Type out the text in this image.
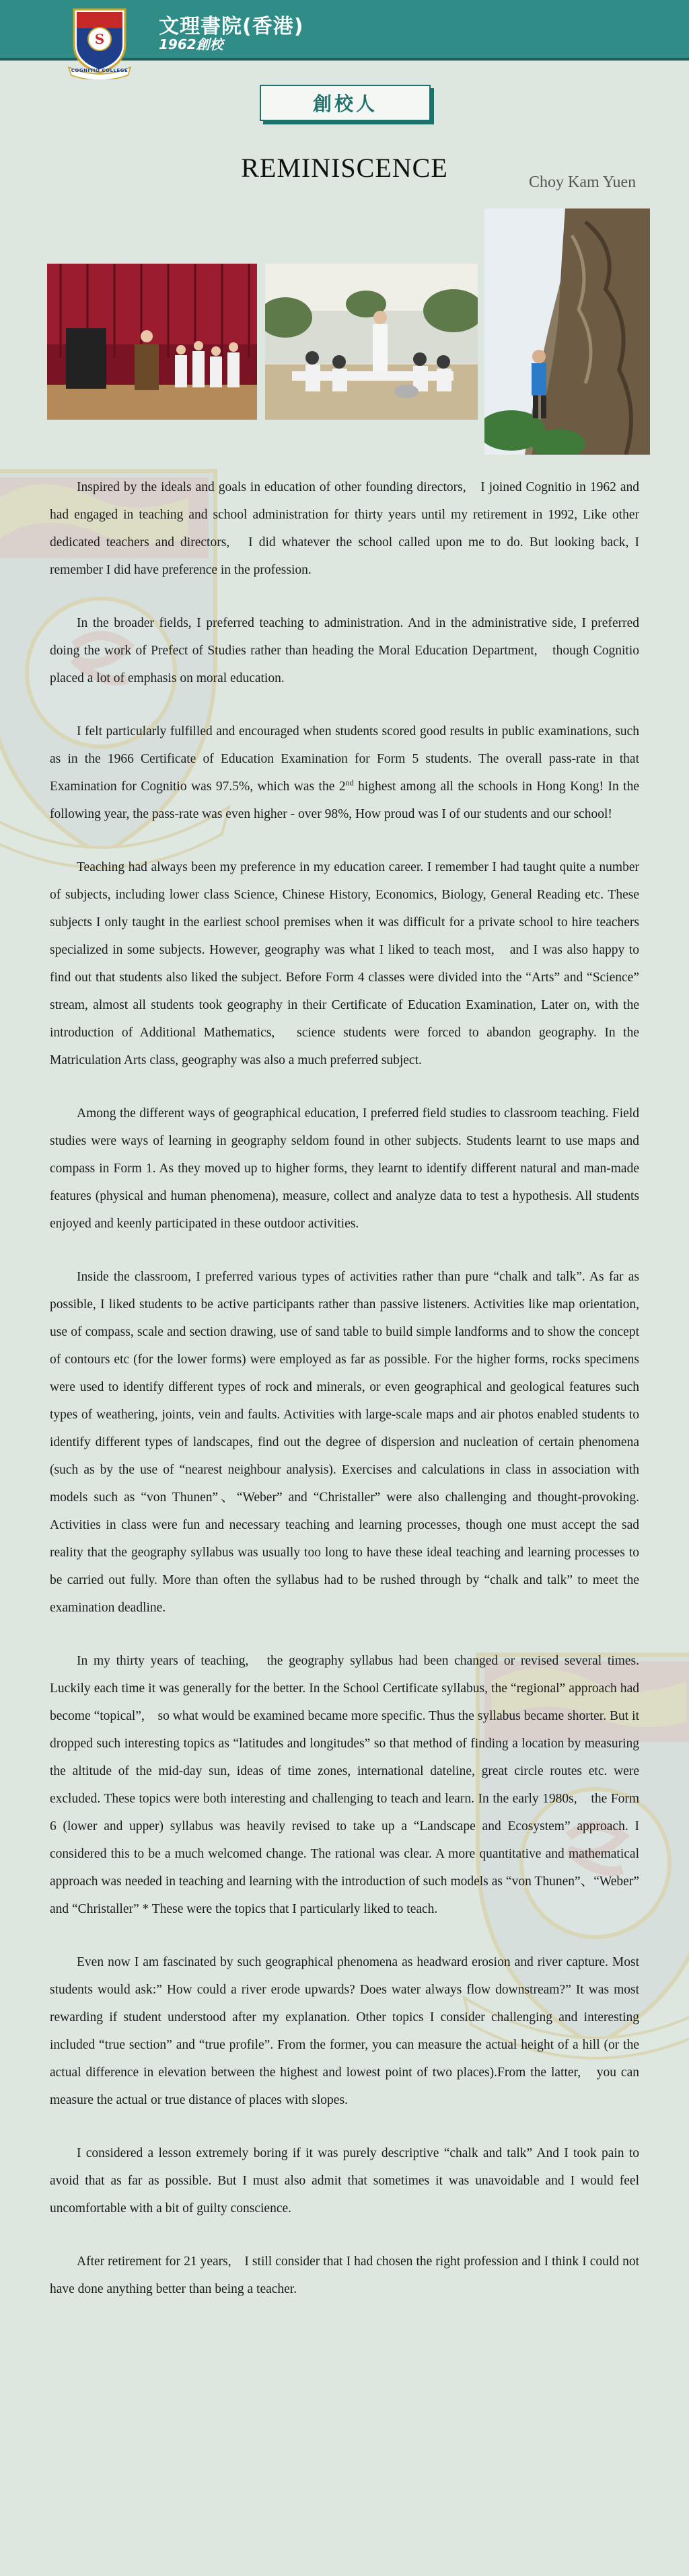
S
COGNITIO COLLEGE
文理書院(香港)
1962創校
創校人
REMINISCENCE	Choy Kam Yuen

Inspired by the ideals and goals in education of other founding directors,　I joined Cognitio in 1962 and had engaged in teaching and school administration for thirty years until my retirement in 1992, Like other dedicated teachers and directors,　I did whatever the school called upon me to do. But looking back, I remember I did have preference in the profession.

In the broader fields, I preferred teaching to administration. And in the administrative side, I preferred doing the work of Prefect of Studies rather than heading the Moral Education Department,　though Cognitio placed a lot of emphasis on moral education.

I felt particularly fulfilled and encouraged when students scored good results in public examinations, such as in the 1966 Certificate of Education Examination for Form 5 students. The overall pass-rate in that Examination for Cognitio was 97.5%, which was the 2nd highest among all the schools in Hong Kong! In the following year, the pass-rate was even higher - over 98%, How proud was I of our students and our school!

Teaching had always been my preference in my education career. I remember I had taught quite a number of subjects, including lower class Science, Chinese History, Economics, Biology, General Reading etc. These subjects I only taught in the earliest school premises when it was difficult for a private school to hire teachers specialized in some subjects. However, geography was what I liked to teach most,　and I was also happy to find out that students also liked the subject. Before Form 4 classes were divided into the “Arts” and “Science” stream, almost all students took geography in their Certificate of Education Examination, Later on, with the introduction of Additional Mathematics,　science students were forced to abandon geography. In the Matriculation Arts class, geography was also a much preferred subject.

Among the different ways of geographical education, I preferred field studies to classroom teaching. Field studies were ways of learning in geography seldom found in other subjects. Students learnt to use maps and compass in Form 1. As they moved up to higher forms, they learnt to identify different natural and man-made features (physical and human phenomena), measure, collect and analyze data to test a hypothesis. All students enjoyed and keenly participated in these outdoor activities.

Inside the classroom, I preferred various types of activities rather than pure “chalk and talk”. As far as possible, I liked students to be active participants rather than passive listeners. Activities like map orientation, use of compass, scale and section drawing, use of sand table to build simple landforms and to show the concept of contours etc (for the lower forms) were employed as far as possible. For the higher forms, rocks specimens were used to identify different types of rock and minerals, or even geographical and geological features such types of weathering, joints, vein and faults. Activities with large-scale maps and air photos enabled students to identify different types of landscapes, find out the degree of dispersion and nucleation of certain phenomena (such as by the use of “nearest neighbour analysis). Exercises and calculations in class in association with models such as “von Thunen”、“Weber” and “Christaller” were also challenging and thought-provoking. Activities in class were fun and necessary teaching and learning processes, though one must accept the sad reality that the geography syllabus was usually too long to have these ideal teaching and learning processes to be carried out fully. More than often the syllabus had to be rushed through by “chalk and talk” to meet the examination deadline.

In my thirty years of teaching,　the geography syllabus had been changed or revised several times. Luckily each time it was generally for the better. In the School Certificate syllabus, the “regional” approach had become “topical”,　so what would be examined became more specific. Thus the syllabus became shorter. But it dropped such interesting topics as “latitudes and longitudes” so that method of finding a location by measuring the altitude of the mid-day sun, ideas of time zones, international dateline, great circle routes etc. were excluded. These topics were both interesting and challenging to teach and learn. In the early 1980s,　the Form 6 (lower and upper) syllabus was heavily revised to take up a “Landscape and Ecosystem” approach. I considered this to be a much welcomed change. The rational was clear. A more quantitative and mathematical approach was needed in teaching and learning with the introduction of such models as “von Thunen”、“Weber” and “Christaller” * These were the topics that I particularly liked to teach.

Even now I am fascinated by such geographical phenomena as headward erosion and river capture. Most students would ask:” How could a river erode upwards? Does water always flow downstream?” It was most rewarding if student understood after my explanation. Other topics I consider challenging and interesting included “true section” and “true profile”. From the former, you can measure the actual height of a hill (or the actual difference in elevation between the highest and lowest point of two places).From the latter,　you can measure the actual or true distance of places with slopes.

I considered a lesson extremely boring if it was purely descriptive “chalk and talk” And I took pain to avoid that as far as possible. But I must also admit that sometimes it was unavoidable and I would feel uncomfortable with a bit of guilty conscience.

After retirement for 21 years,　I still consider that I had chosen the right profession and I think I could not have done anything better than being a teacher.
